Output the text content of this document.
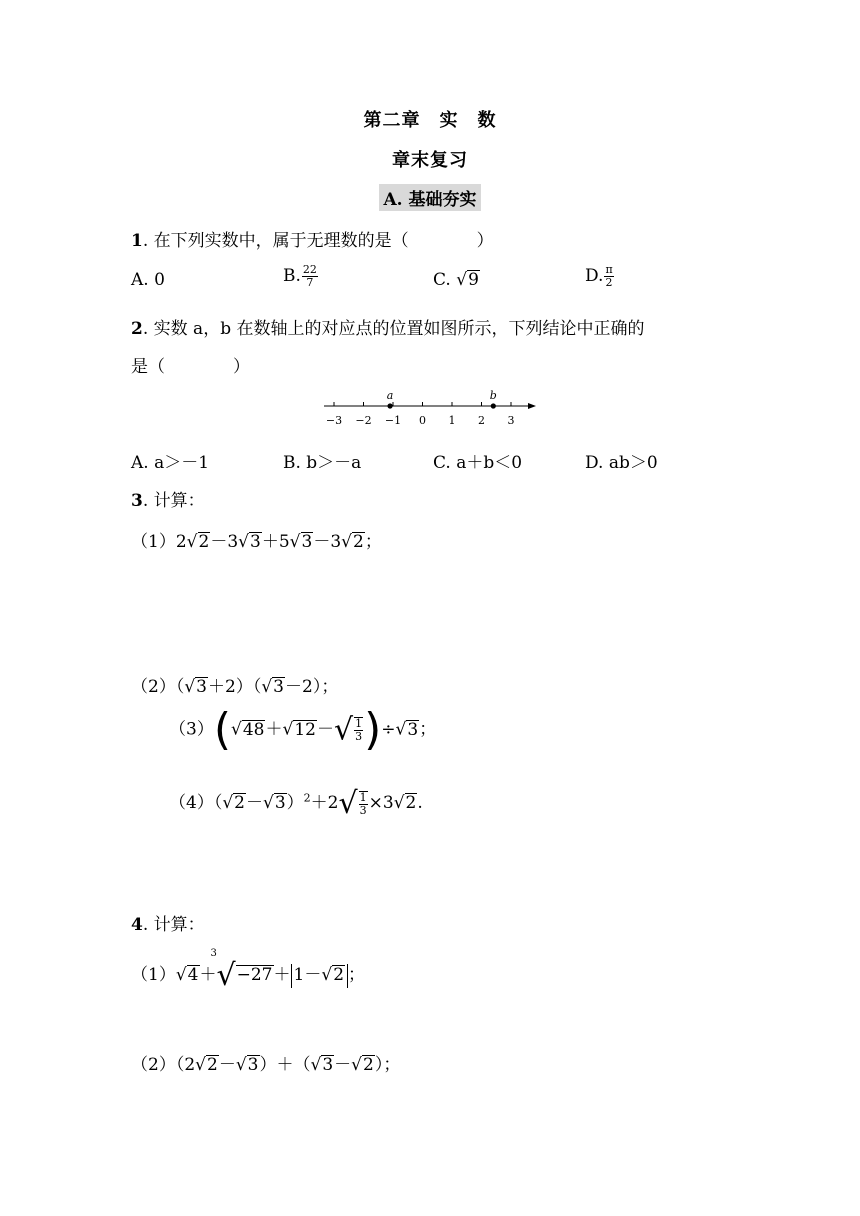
第二章　实　数
章末复习
A. 基础夯实
1. 在下列实数中，属于无理数的是（　　　　）
A. 0	B. $\frac{22}{7}$	C. √9	D. $\frac{\pi}{2}$
2. 实数 a，b 在数轴上的对应点的位置如图所示，下列结论中正确的
是（　　　　）
−3 −2 −1 0 1 2 3
a	b
A. a＞－1	B. b＞－a	C. a＋b＜0	D. ab＞0
3. 计算：
（1）2√2－3√3＋5√3－3√2；
（2）（√3＋2）（√3－2）；
$(3)(√48+√12-√ \frac{1}{3} )\div√3$；
$(4)(√2-√3)^2+2√ \frac{1}{3} \times 3√2$.
4. 计算：
（1）√4＋
3
√−27＋ 1－√2 ；
（2）（2√2－√3）＋（√3－√2）；
